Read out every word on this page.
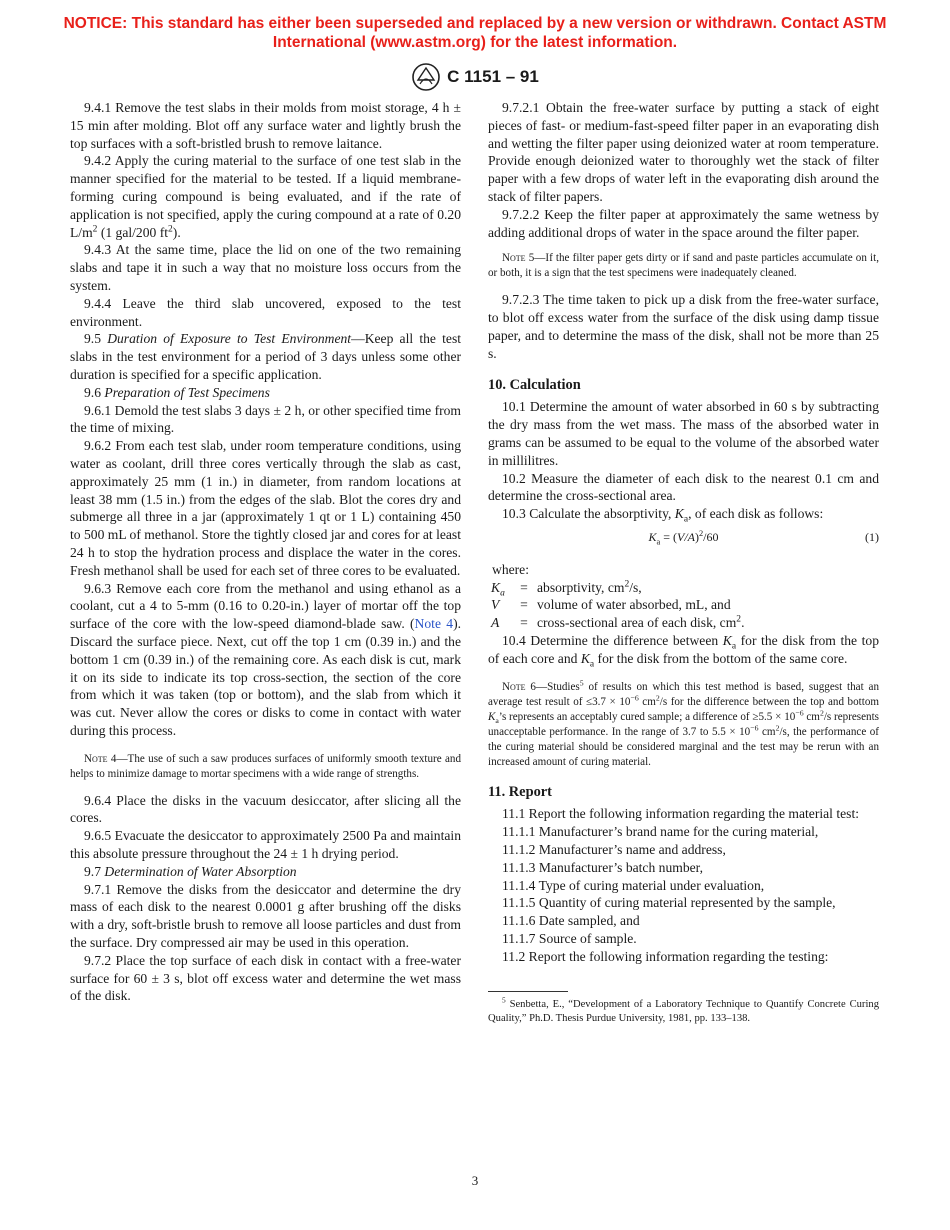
NOTICE: This standard has either been superseded and replaced by a new version or withdrawn. Contact ASTM International (www.astm.org) for the latest information.
C 1151 – 91

9.4.1 Remove the test slabs in their molds from moist storage, 4 h ± 15 min after molding. Blot off any surface water and lightly brush the top surfaces with a soft-bristled brush to remove laitance.

9.4.2 Apply the curing material to the surface of one test slab in the manner specified for the material to be tested. If a liquid membrane-forming curing compound is being evaluated, and if the rate of application is not specified, apply the curing compound at a rate of 0.20 $L/m^2$ (1 gal/200 $ft^2$).

9.4.3 At the same time, place the lid on one of the two remaining slabs and tape it in such a way that no moisture loss occurs from the system.

9.4.4 Leave the third slab uncovered, exposed to the test environment.

9.5 Duration of Exposure to Test Environment—Keep all the test slabs in the test environment for a period of 3 days unless some other duration is specified for a specific application.

9.6 Preparation of Test Specimens

9.6.1 Demold the test slabs 3 days ± 2 h, or other specified time from the time of mixing.

9.6.2 From each test slab, under room temperature conditions, using water as coolant, drill three cores vertically through the slab as cast, approximately 25 mm (1 in.) in diameter, from random locations at least 38 mm (1.5 in.) from the edges of the slab. Blot the cores dry and submerge all three in a jar (approximately 1 qt or 1 L) containing 450 to 500 mL of methanol. Store the tightly closed jar and cores for at least 24 h to stop the hydration process and displace the water in the cores. Fresh methanol shall be used for each set of three cores to be evaluated.

9.6.3 Remove each core from the methanol and using ethanol as a coolant, cut a 4 to 5-mm (0.16 to 0.20-in.) layer of mortar off the top surface of the core with the low-speed diamond-blade saw. (Note 4). Discard the surface piece. Next, cut off the top 1 cm (0.39 in.) and the bottom 1 cm (0.39 in.) of the remaining core. As each disk is cut, mark it on its side to indicate its top cross-section, the section of the core from which it was taken (top or bottom), and the slab from which it was cut. Never allow the cores or disks to come in contact with water during this process.

Note 4—The use of such a saw produces surfaces of uniformly smooth texture and helps to minimize damage to mortar specimens with a wide range of strengths.

9.6.4 Place the disks in the vacuum desiccator, after slicing all the cores.

9.6.5 Evacuate the desiccator to approximately 2500 Pa and maintain this absolute pressure throughout the 24 ± 1 h drying period.

9.7 Determination of Water Absorption

9.7.1 Remove the disks from the desiccator and determine the dry mass of each disk to the nearest 0.0001 g after brushing off the disks with a dry, soft-bristle brush to remove all loose particles and dust from the surface. Dry compressed air may be used in this operation.

9.7.2 Place the top surface of each disk in contact with a free-water surface for 60 ± 3 s, blot off excess water and determine the wet mass of the disk.

9.7.2.1 Obtain the free-water surface by putting a stack of eight pieces of fast- or medium-fast-speed filter paper in an evaporating dish and wetting the filter paper using deionized water at room temperature. Provide enough deionized water to thoroughly wet the stack of filter paper with a few drops of water left in the evaporating dish around the stack of filter papers.

9.7.2.2 Keep the filter paper at approximately the same wetness by adding additional drops of water in the space around the filter paper.

Note 5—If the filter paper gets dirty or if sand and paste particles accumulate on it, or both, it is a sign that the test specimens were inadequately cleaned.

9.7.2.3 The time taken to pick up a disk from the free-water surface, to blot off excess water from the surface of the disk using damp tissue paper, and to determine the mass of the disk, shall not be more than 25 s.

10. Calculation

10.1 Determine the amount of water absorbed in 60 s by subtracting the dry mass from the wet mass. The mass of the absorbed water in grams can be assumed to be equal to the volume of the absorbed water in millilitres.

10.2 Measure the diameter of each disk to the nearest 0.1 cm and determine the cross-sectional area.

10.3 Calculate the absorptivity, $K_a$, of each disk as follows:

$K_a = (V/A)^2/60$	(1)

where:

$K_a$	= absorptivity, $cm^2/s$,
V	= volume of water absorbed, mL, and
A	= cross-sectional area of each disk, $cm^2$.

10.4 Determine the difference between $K_a$ for the disk from the top of each core and $K_a$ for the disk from the bottom of the same core.

Note 6—Studies$^5$ of results on which this test method is based, suggest that an average test result of $\le 3.7 \times 10^{-6}$ $cm^2/s$ for the difference between the top and bottom $K_a’s$ represents an acceptably cured sample; a difference of $\ge 5.5 \times 10^{-6}$ $cm^2/s$ represents unacceptable performance. In the range of 3.7 to $5.5 \times 10^{-6}$ $cm^2/s$, the performance of the curing material should be considered marginal and the test may be rerun with an increased amount of curing material.

11. Report

11.1 Report the following information regarding the material test:

11.1.1 Manufacturer’s brand name for the curing material,

11.1.2 Manufacturer’s name and address,

11.1.3 Manufacturer’s batch number,

11.1.4 Type of curing material under evaluation,

11.1.5 Quantity of curing material represented by the sample,

11.1.6 Date sampled, and

11.1.7 Source of sample.

11.2 Report the following information regarding the testing:

$^5$ Senbetta, E., “Development of a Laboratory Technique to Quantify Concrete Curing Quality,” Ph.D. Thesis Purdue University, 1981, pp. 133–138.

3
